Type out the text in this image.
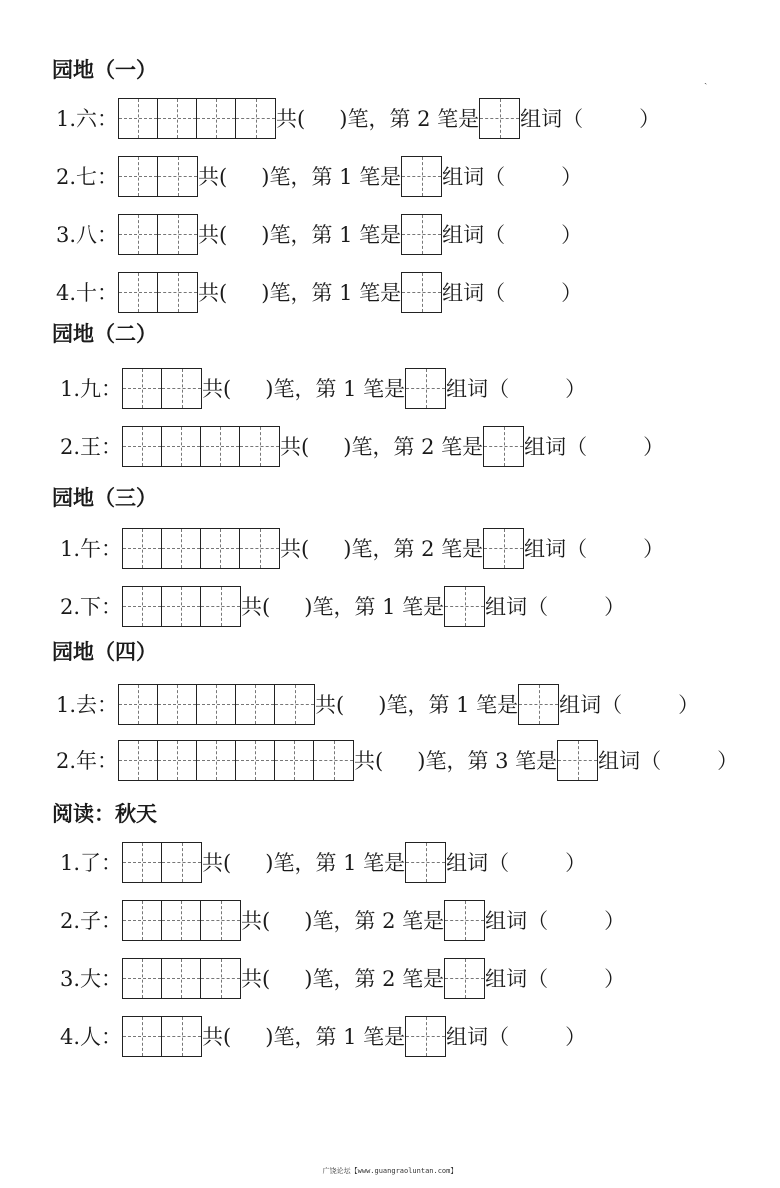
园地（一）
1.六：	共( )笔，第 2 笔是 组词（	）
2.七：	共( )笔，第 1 笔是 组词（	）
3.八：	共( )笔，第 1 笔是 组词（	）
4.十：	共( )笔，第 1 笔是 组词（	）
园地（二）
1.九：	共( )笔，第 1 笔是 组词（	）
2.王：	共( )笔，第 2 笔是 组词（	）
园地（三）
1.午：	共( )笔，第 2 笔是 组词（	）
2.下：	共( )笔，第 1 笔是 组词（	）
园地（四）
1.去：	共( )笔，第 1 笔是 组词（	）
2.年：	共( )笔，第 3 笔是 组词（	）
阅读：秋天
1.了：	共( )笔，第 1 笔是 组词（	）
2.子：	共( )笔，第 2 笔是 组词（	）
3.大：	共( )笔，第 2 笔是 组词（	）
4.人：	共( )笔，第 1 笔是 组词（	）
ˎ
广饶论坛【www.guangraoluntan.com】
